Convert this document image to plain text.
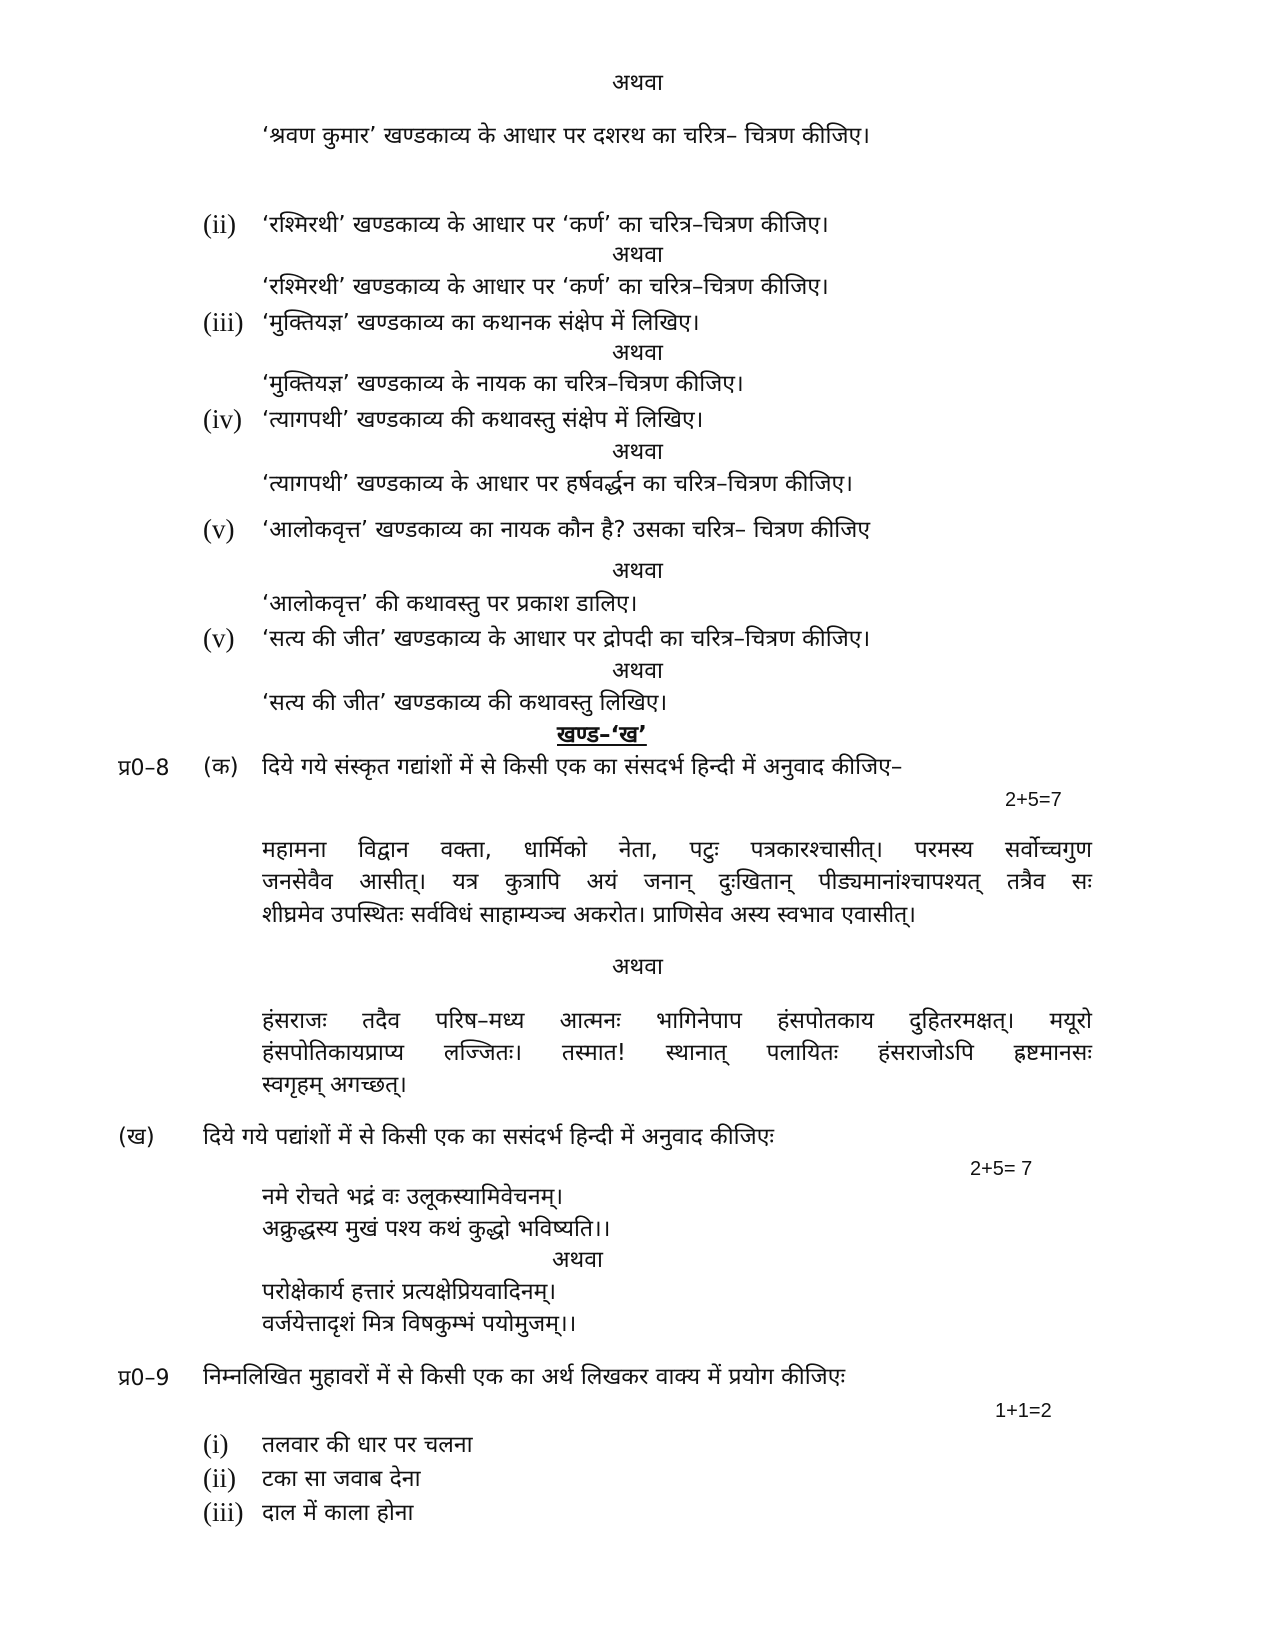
अथवा
‘श्रवण कुमार’ खण्डकाव्य के आधार पर दशरथ का चरित्र– चित्रण कीजिए।
(ii) ‘रश्मिरथी’ खण्डकाव्य के आधार पर ‘कर्ण’ का चरित्र–चित्रण कीजिए।
अथवा
‘रश्मिरथी’ खण्डकाव्य के आधार पर ‘कर्ण’ का चरित्र–चित्रण कीजिए।
(iii) ‘मुक्तियज्ञ’ खण्डकाव्य का कथानक संक्षेप में लिखिए।
अथवा
‘मुक्तियज्ञ’ खण्डकाव्य के नायक का चरित्र–चित्रण कीजिए।
(iv) ‘त्यागपथी’ खण्डकाव्य की कथावस्तु संक्षेप में लिखिए।
अथवा
‘त्यागपथी’ खण्डकाव्य के आधार पर हर्षवर्द्धन का चरित्र–चित्रण कीजिए।
(v) ‘आलोकवृत्त’ खण्डकाव्य का नायक कौन है? उसका चरित्र– चित्रण कीजिए
अथवा
‘आलोकवृत्त’ की कथावस्तु पर प्रकाश डालिए।
(v) ‘सत्य की जीत’ खण्डकाव्य के आधार पर द्रोपदी का चरित्र–चित्रण कीजिए।
अथवा
‘सत्य की जीत’ खण्डकाव्य की कथावस्तु लिखिए।
खण्ड–‘ख’
प्र0–8 (क) दिये गये संस्कृत गद्यांशों में से किसी एक का संसदर्भ हिन्दी में अनुवाद कीजिए–
2+5=7
महामना विद्वान वक्ता, धार्मिको नेता, पटुः पत्रकारश्चासीत्। परमस्य सर्वोच्चगुण
जनसेवैव आसीत्। यत्र कुत्रापि अयं जनान् दुःखितान् पीड्यमानांश्चापश्यत् तत्रैव सः
शीघ्रमेव उपस्थितः सर्वविधं साहाम्यञ्च अकरोत। प्राणिसेव अस्य स्वभाव एवासीत्।
अथवा
हंसराजः तदैव परिष–मध्य आत्मनः भागिनेपाप हंसपोतकाय दुहितरमक्षत्। मयूरो
हंसपोतिकायप्राप्य लज्जितः। तस्मात! स्थानात् पलायितः हंसराजोऽपि ह्रष्टमानसः
स्वगृहम् अगच्छत्।
(ख) दिये गये पद्यांशों में से किसी एक का ससंदर्भ हिन्दी में अनुवाद कीजिएः
2+5= 7
नमे रोचते भद्रं वः उलूकस्यामिवेचनम्।
अक्रुद्धस्य मुखं पश्य कथं कुद्धो भविष्यति।।
अथवा
परोक्षेकार्य हत्तारं प्रत्यक्षेप्रियवादिनम्।
वर्जयेत्तादृशं मित्र विषकुम्भं पयोमुजम्।।
प्र0–9 निम्नलिखित मुहावरों में से किसी एक का अर्थ लिखकर वाक्य में प्रयोग कीजिएः
1+1=2
(i) तलवार की धार पर चलना
(ii) टका सा जवाब देना
(iii) दाल में काला होना
